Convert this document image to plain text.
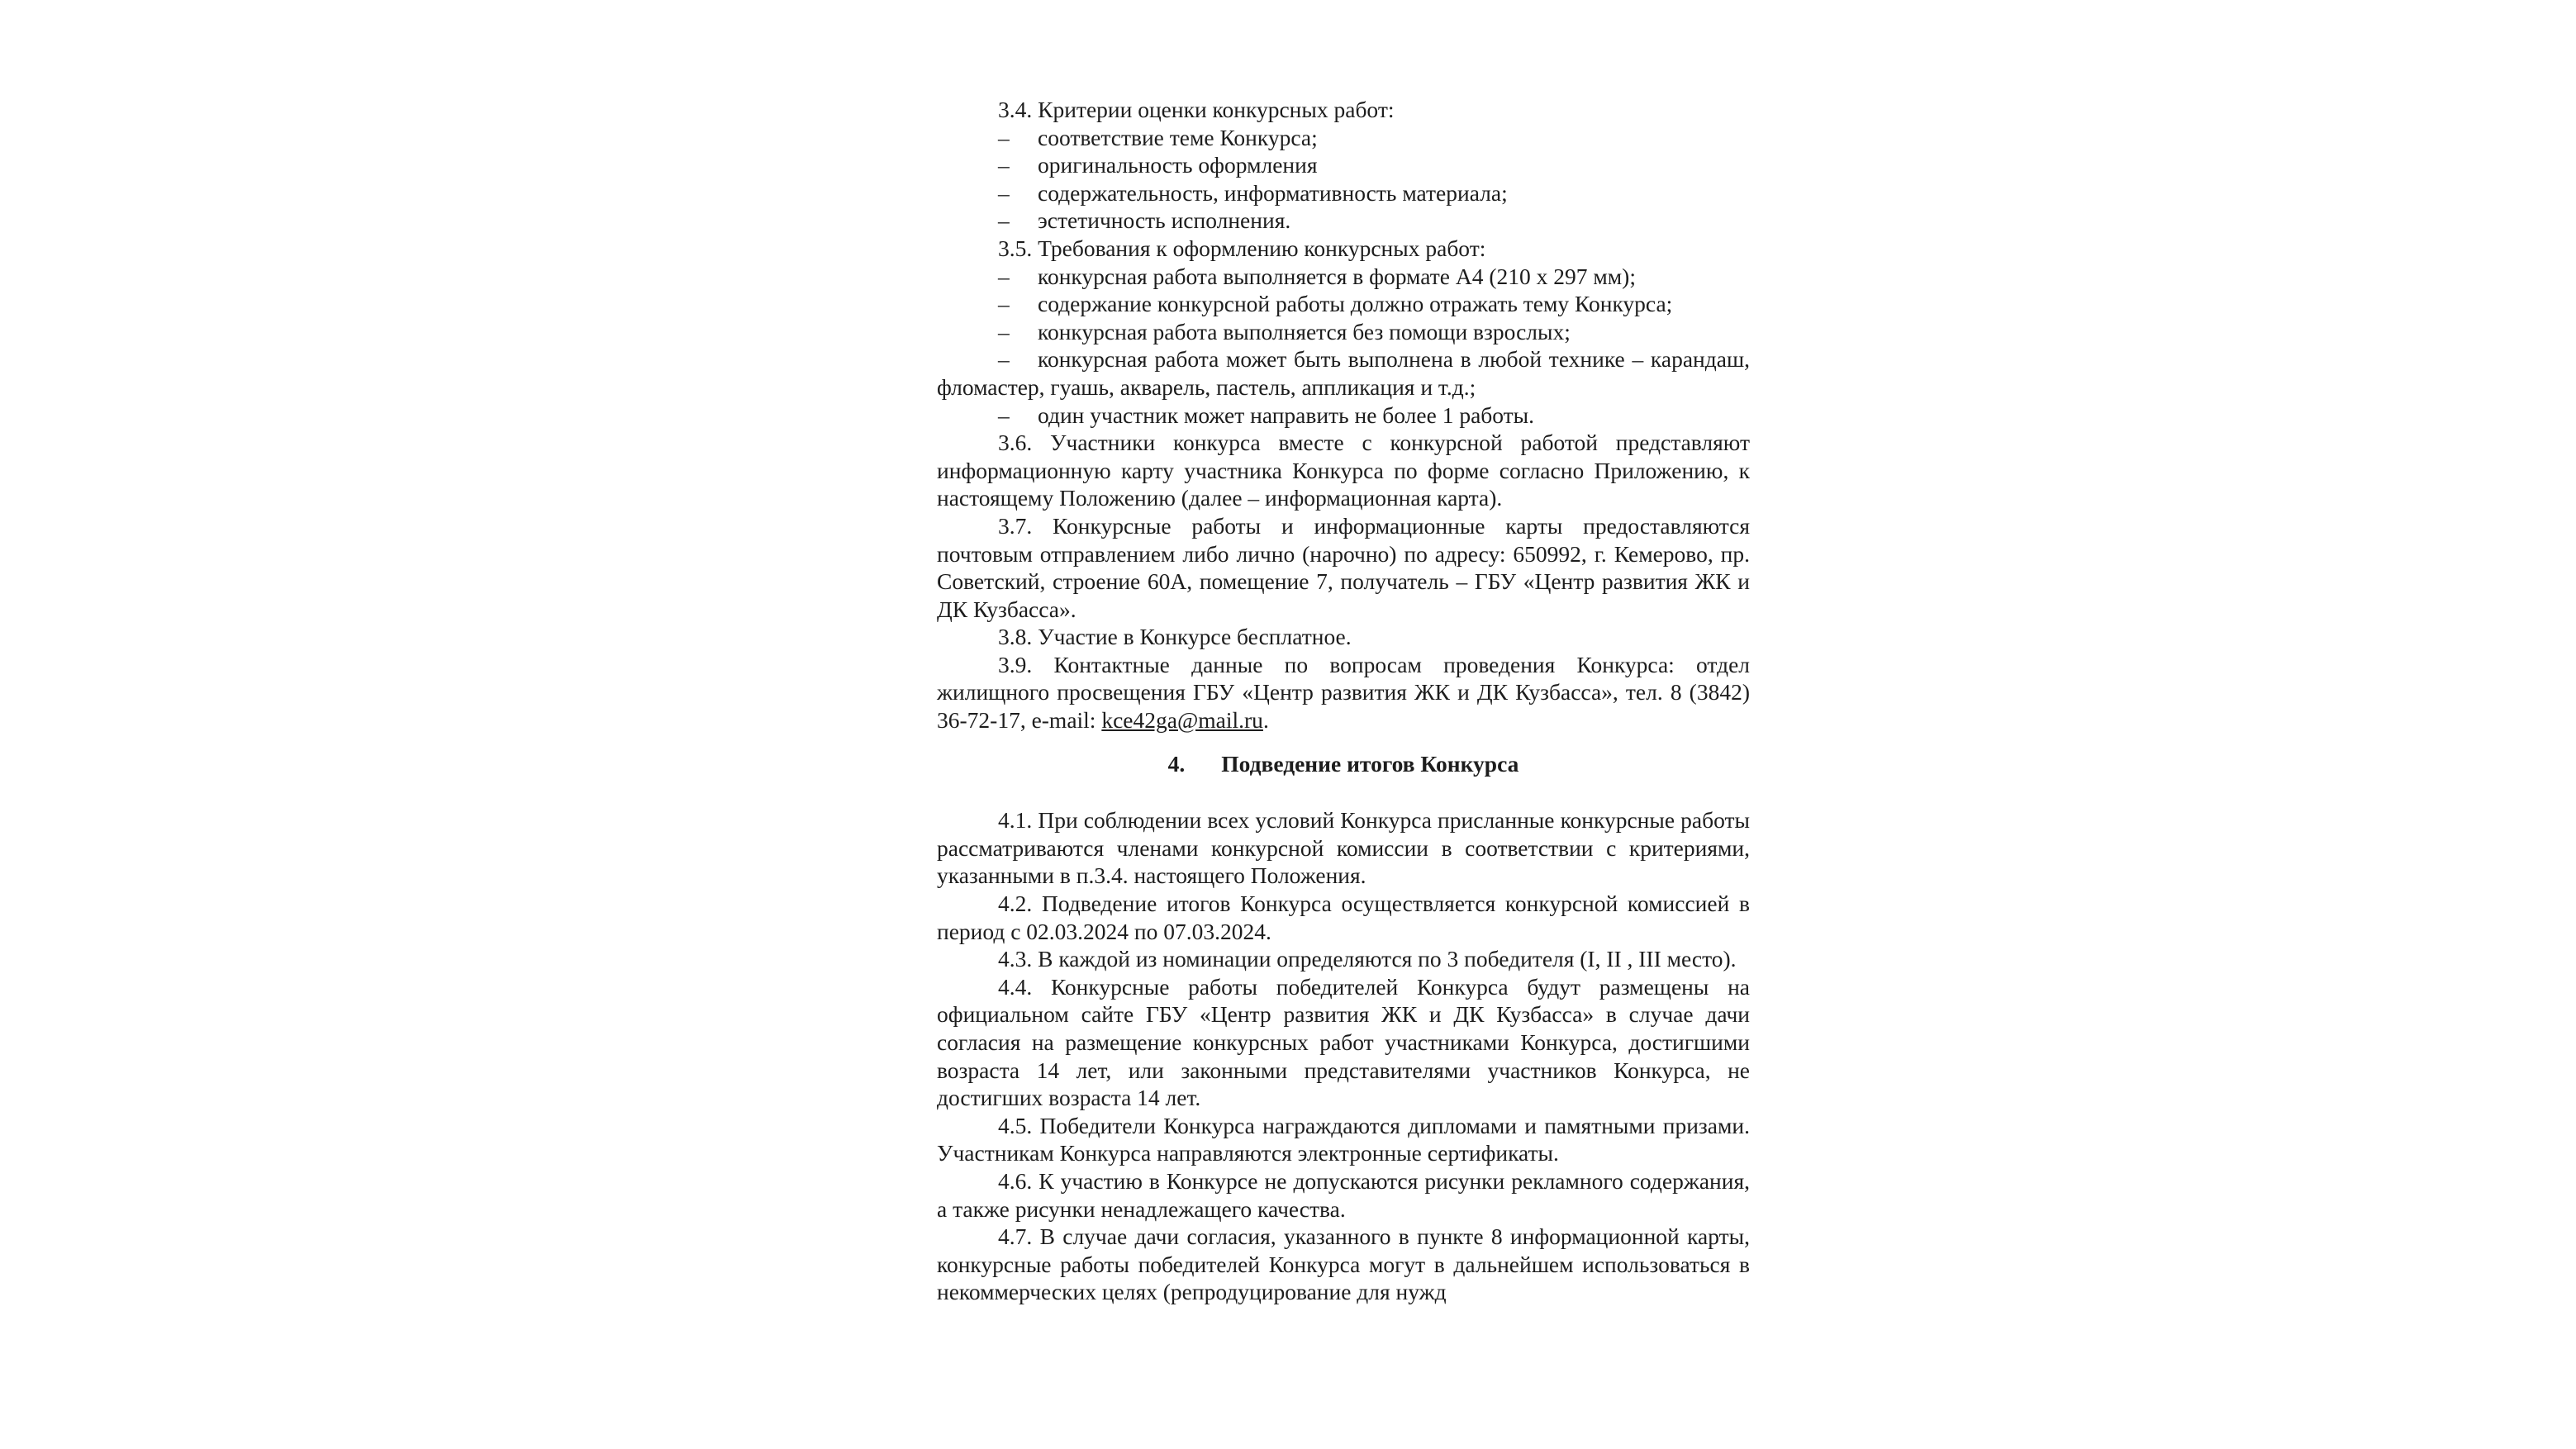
3.4. Критерии оценки конкурсных работ:

–	соответствие теме Конкурса;

–	оригинальность оформления

–	содержательность, информативность материала;

–	эстетичность исполнения.

3.5. Требования к оформлению конкурсных работ:

–	конкурсная работа выполняется в формате А4 (210 х 297 мм);

–	содержание конкурсной работы должно отражать тему Конкурса;

–	конкурсная работа выполняется без помощи взрослых;

– конкурсная работа может быть выполнена в любой технике – карандаш, фломастер, гуашь, акварель, пастель, аппликация и т.д.;

–	один участник может направить не более 1 работы.

3.6. Участники конкурса вместе с конкурсной работой представляют информационную карту участника Конкурса по форме согласно Приложению, к настоящему Положению (далее – информационная карта).

3.7. Конкурсные работы и информационные карты предоставляются почтовым отправлением либо лично (нарочно) по адресу: 650992, г. Кемерово, пр. Советский, строение 60А, помещение 7, получатель – ГБУ «Центр развития ЖК и ДК Кузбасса».

3.8. Участие в Конкурсе бесплатное.

3.9. Контактные данные по вопросам проведения Конкурса: отдел жилищного просвещения ГБУ «Центр развития ЖК и ДК Кузбасса», тел. 8 (3842) 36-72-17, e-mail: kce42ga@mail.ru.

4. Подведение итогов Конкурса

4.1. При соблюдении всех условий Конкурса присланные конкурсные работы рассматриваются членами конкурсной комиссии в соответствии с критериями, указанными в п.3.4. настоящего Положения.

4.2. Подведение итогов Конкурса осуществляется конкурсной комиссией в период с 02.03.2024 по 07.03.2024.

4.3. В каждой из номинации определяются по 3 победителя (I, II , III место).

4.4. Конкурсные работы победителей Конкурса будут размещены на официальном сайте ГБУ «Центр развития ЖК и ДК Кузбасса» в случае дачи согласия на размещение конкурсных работ участниками Конкурса, достигшими возраста 14 лет, или законными представителями участников Конкурса, не достигших возраста 14 лет.

4.5. Победители Конкурса награждаются дипломами и памятными призами. Участникам Конкурса направляются электронные сертификаты.

4.6. К участию в Конкурсе не допускаются рисунки рекламного содержания, а также рисунки ненадлежащего качества.

4.7. В случае дачи согласия, указанного в пункте 8 информационной карты, конкурсные работы победителей Конкурса могут в дальнейшем использоваться в некоммерческих целях (репродуцирование для нужд
